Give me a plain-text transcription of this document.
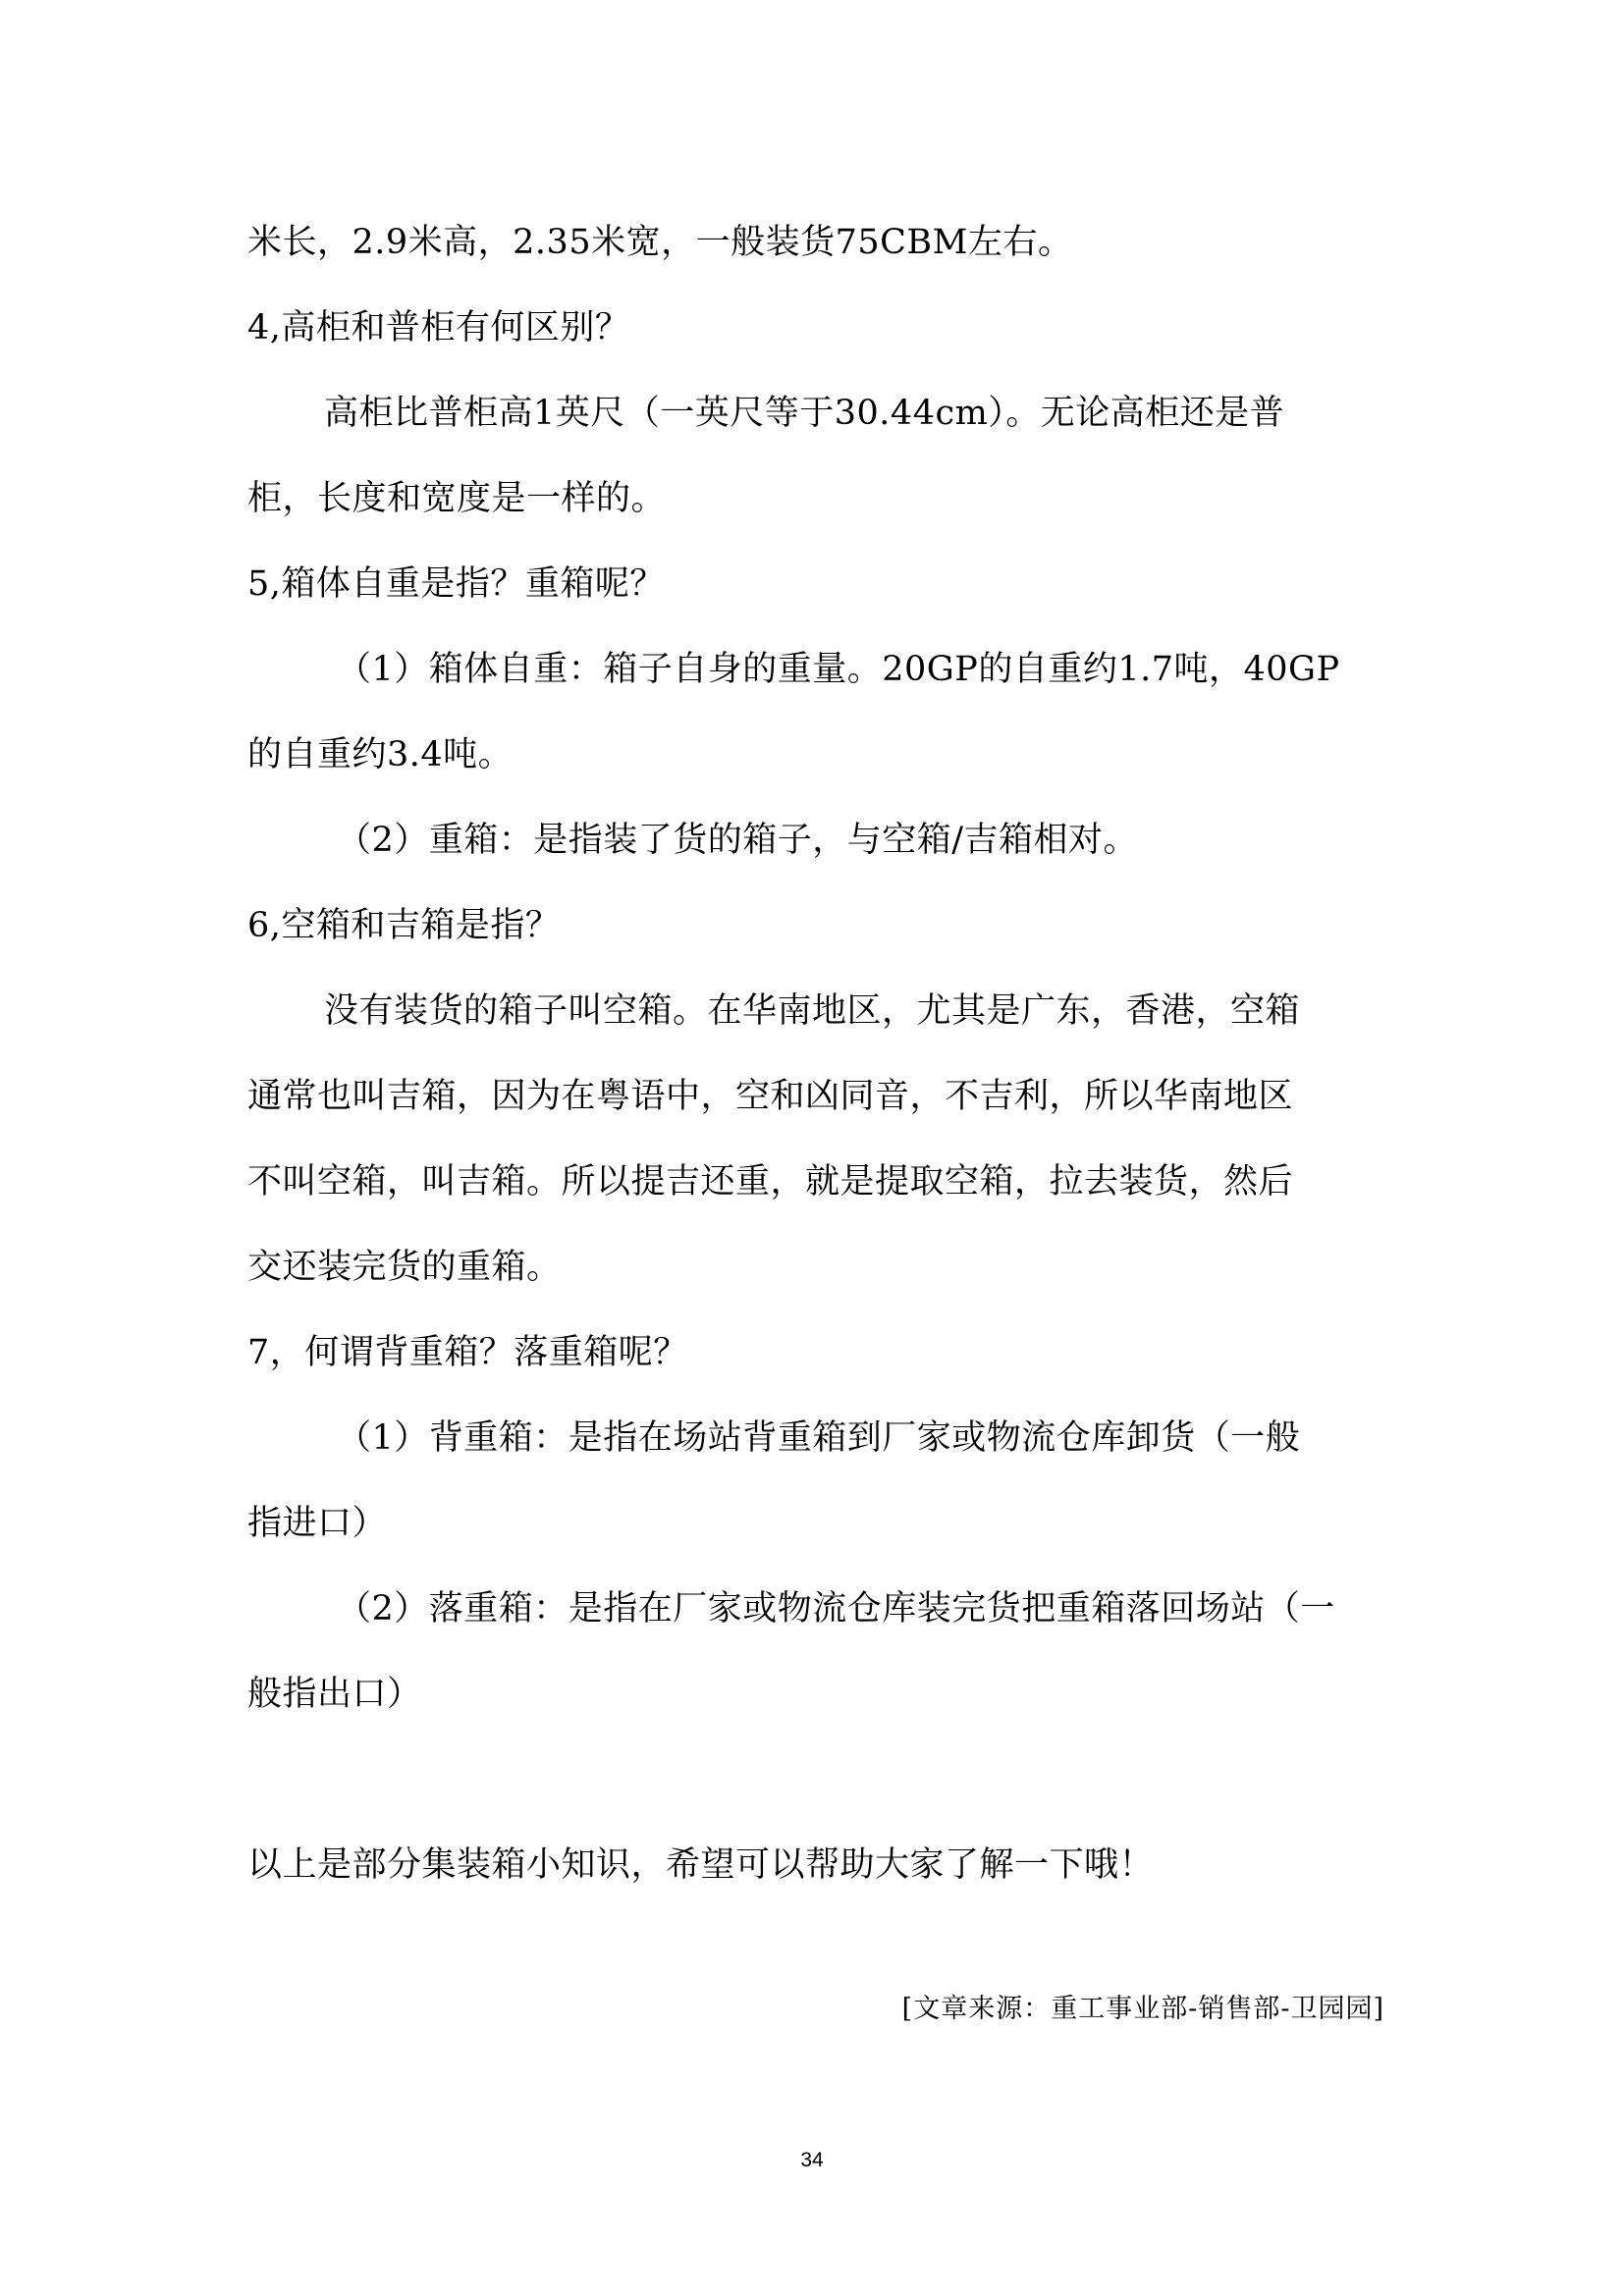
米长，2.9米高，2.35米宽，一般装货75CBM左右。
4,高柜和普柜有何区别？
高柜比普柜高1英尺（一英尺等于30.44cm）。无论高柜还是普
柜，长度和宽度是一样的。
5,箱体自重是指？重箱呢？
（1）箱体自重：箱子自身的重量。20GP的自重约1.7吨，40GP
的自重约3.4吨。
（2）重箱：是指装了货的箱子，与空箱/吉箱相对。
6,空箱和吉箱是指？
没有装货的箱子叫空箱。在华南地区，尤其是广东，香港，空箱
通常也叫吉箱，因为在粤语中，空和凶同音，不吉利，所以华南地区
不叫空箱，叫吉箱。所以提吉还重，就是提取空箱，拉去装货，然后
交还装完货的重箱。
7，何谓背重箱？落重箱呢？
（1）背重箱：是指在场站背重箱到厂家或物流仓库卸货（一般
指进口）
（2）落重箱：是指在厂家或物流仓库装完货把重箱落回场站（一
般指出口）
以上是部分集装箱小知识，希望可以帮助大家了解一下哦！
[文章来源：重工事业部-销售部-卫园园]
34
